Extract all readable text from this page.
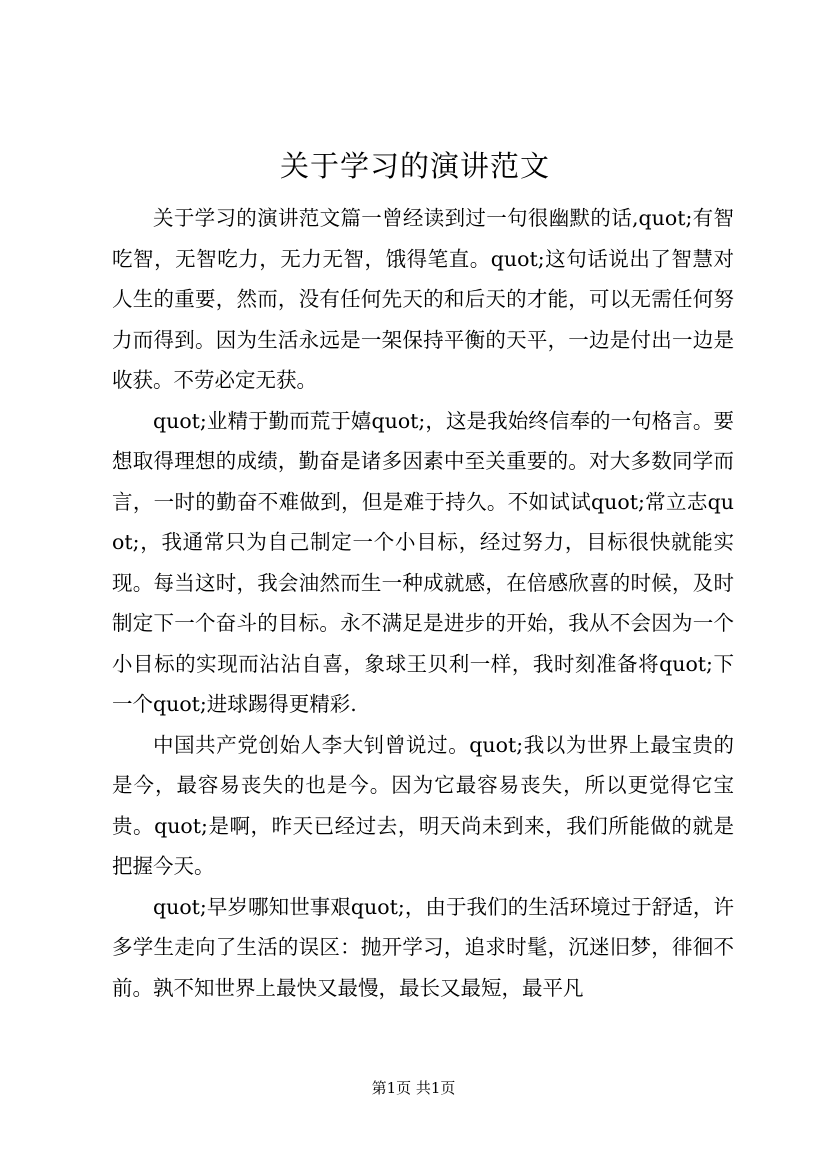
关于学习的演讲范文

关于学习的演讲范文篇一曾经读到过一句很幽默的话,quot;有智吃智，无智吃力，无力无智，饿得笔直。quot;这句话说出了智慧对人生的重要，然而，没有任何先天的和后天的才能，可以无需任何努力而得到。因为生活永远是一架保持平衡的天平，一边是付出一边是收获。不劳必定无获。

quot;业精于勤而荒于嬉quot;，这是我始终信奉的一句格言。要想取得理想的成绩，勤奋是诸多因素中至关重要的。对大多数同学而言，一时的勤奋不难做到，但是难于持久。不如试试quot;常立志quot;，我通常只为自己制定一个小目标，经过努力，目标很快就能实现。每当这时，我会油然而生一种成就感，在倍感欣喜的时候，及时制定下一个奋斗的目标。永不满足是进步的开始，我从不会因为一个小目标的实现而沾沾自喜，象球王贝利一样，我时刻准备将quot;下一个quot;进球踢得更精彩.

中国共产党创始人李大钊曾说过。quot;我以为世界上最宝贵的是今，最容易丧失的也是今。因为它最容易丧失，所以更觉得它宝贵。quot;是啊，昨天已经过去，明天尚未到来，我们所能做的就是把握今天。

quot;早岁哪知世事艰quot;，由于我们的生活环境过于舒适，许多学生走向了生活的误区：抛开学习，追求时髦，沉迷旧梦，徘徊不前。孰不知世界上最快又最慢，最长又最短，最平凡

第1页 共1页
